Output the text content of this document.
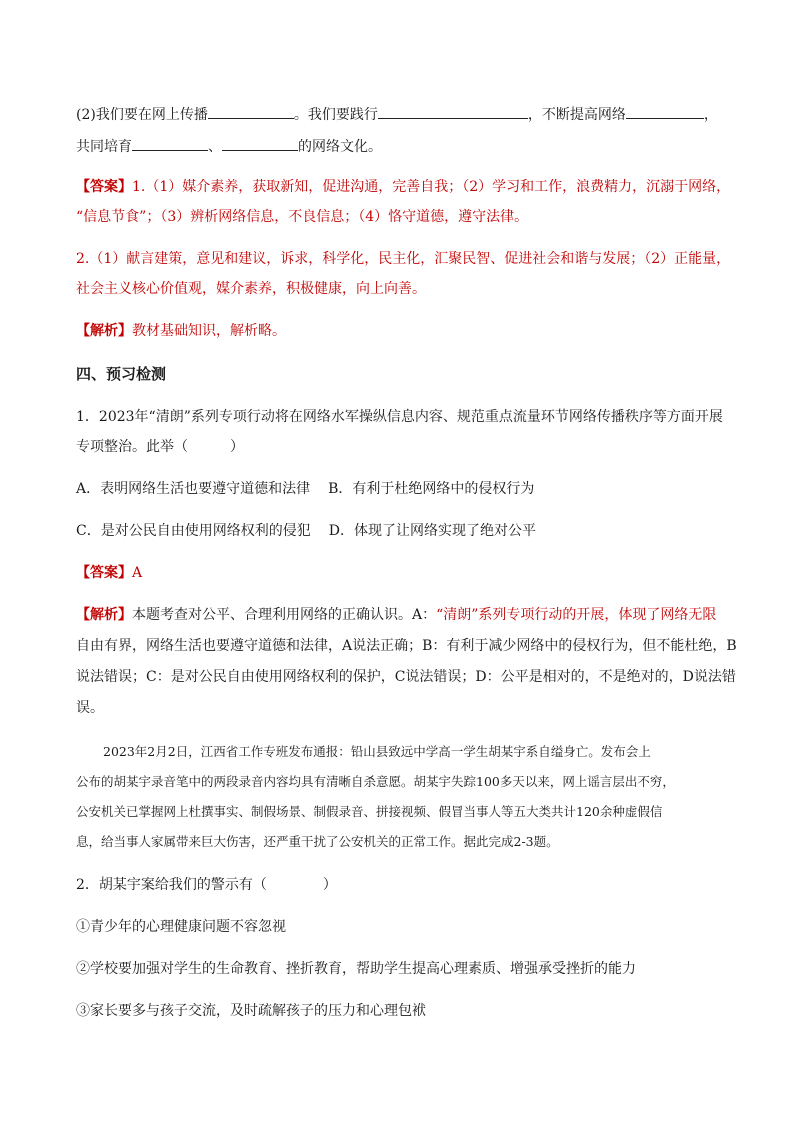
(2)我们要在网上传播	。我们要践行	，不断提高网络	，
共同培育	、	的网络文化。
【答案】1.（1）媒介素养，获取新知，促进沟通，完善自我；（2）学习和工作，浪费精力，沉溺于网络，
“信息节食”；（3）辨析网络信息，不良信息；（4）恪守道德，遵守法律。
2.（1）献言建策，意见和建议，诉求，科学化，民主化，汇聚民智、促进社会和谐与发展；（2）正能量，
社会主义核心价值观，媒介素养，积极健康，向上向善。
【解析】教材基础知识，解析略。
四、预习检测
1．2023年“清朗”系列专项行动将在网络水军操纵信息内容、规范重点流量环节网络传播秩序等方面开展
专项整治。此举（　　　）
A．表明网络生活也要遵守道德和法律 B．有利于杜绝网络中的侵权行为
C．是对公民自由使用网络权利的侵犯 D．体现了让网络实现了绝对公平
【答案】A
【解析】本题考查对公平、合理利用网络的正确认识。A：“清朗”系列专项行动的开展，体现了网络无限
自由有界，网络生活也要遵守道德和法律，A说法正确；B：有利于减少网络中的侵权行为，但不能杜绝，B
说法错误；C：是对公民自由使用网络权利的保护，C说法错误；D：公平是相对的，不是绝对的，D说法错
误。
2023年2月2日，江西省工作专班发布通报：铅山县致远中学高一学生胡某宇系自缢身亡。发布会上
公布的胡某宇录音笔中的两段录音内容均具有清晰自杀意愿。胡某宇失踪100多天以来，网上谣言层出不穷，
公安机关已掌握网上杜撰事实、制假场景、制假录音、拼接视频、假冒当事人等五大类共计120余种虚假信
息，给当事人家属带来巨大伤害，还严重干扰了公安机关的正常工作。据此完成2-3题。
2．胡某宇案给我们的警示有（　　　　）
①青少年的心理健康问题不容忽视
②学校要加强对学生的生命教育、挫折教育，帮助学生提高心理素质、增强承受挫折的能力
③家长要多与孩子交流，及时疏解孩子的压力和心理包袱
